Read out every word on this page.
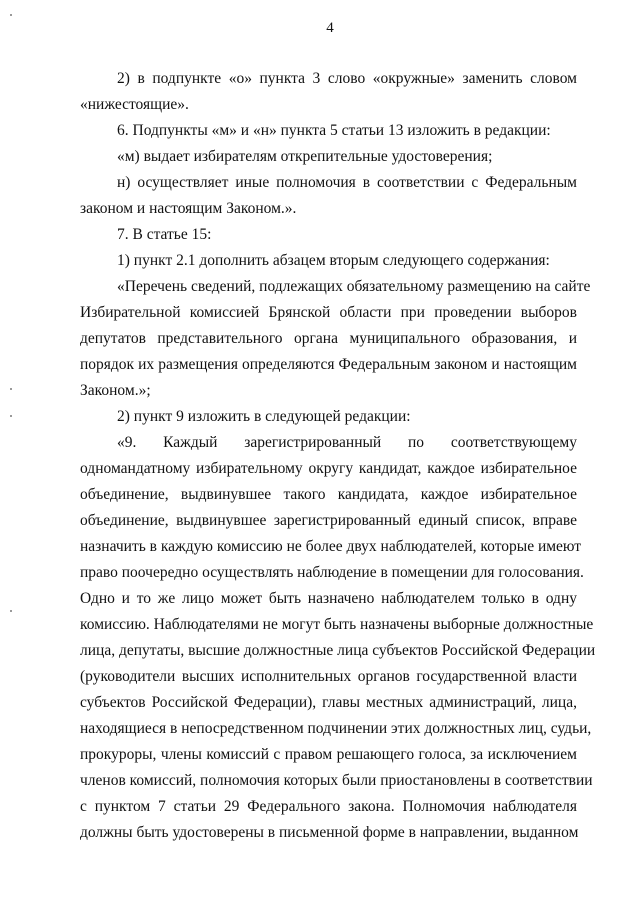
4
2) в подпункте «о» пункта 3 слово «окружные» заменить словом
«нижестоящие».
6. Подпункты «м» и «н» пункта 5 статьи 13 изложить в редакции:
«м) выдает избирателям открепительные удостоверения;
н) осуществляет иные полномочия в соответствии с Федеральным
законом и настоящим Законом.».
7. В статье 15:
1) пункт 2.1 дополнить абзацем вторым следующего содержания:
«Перечень сведений, подлежащих обязательному размещению на сайте
Избирательной комиссией Брянской области при проведении выборов
депутатов представительного органа муниципального образования, и
порядок их размещения определяются Федеральным законом и настоящим
Законом.»;
2) пункт 9 изложить в следующей редакции:
«9. Каждый зарегистрированный по соответствующему
одномандатному избирательному округу кандидат, каждое избирательное
объединение, выдвинувшее такого кандидата, каждое избирательное
объединение, выдвинувшее зарегистрированный единый список, вправе
назначить в каждую комиссию не более двух наблюдателей, которые имеют
право поочередно осуществлять наблюдение в помещении для голосования.
Одно и то же лицо может быть назначено наблюдателем только в одну
комиссию. Наблюдателями не могут быть назначены выборные должностные
лица, депутаты, высшие должностные лица субъектов Российской Федерации
(руководители высших исполнительных органов государственной власти
субъектов Российской Федерации), главы местных администраций, лица,
находящиеся в непосредственном подчинении этих должностных лиц, судьи,
прокуроры, члены комиссий с правом решающего голоса, за исключением
членов комиссий, полномочия которых были приостановлены в соответствии
с пунктом 7 статьи 29 Федерального закона. Полномочия наблюдателя
должны быть удостоверены в письменной форме в направлении, выданном
